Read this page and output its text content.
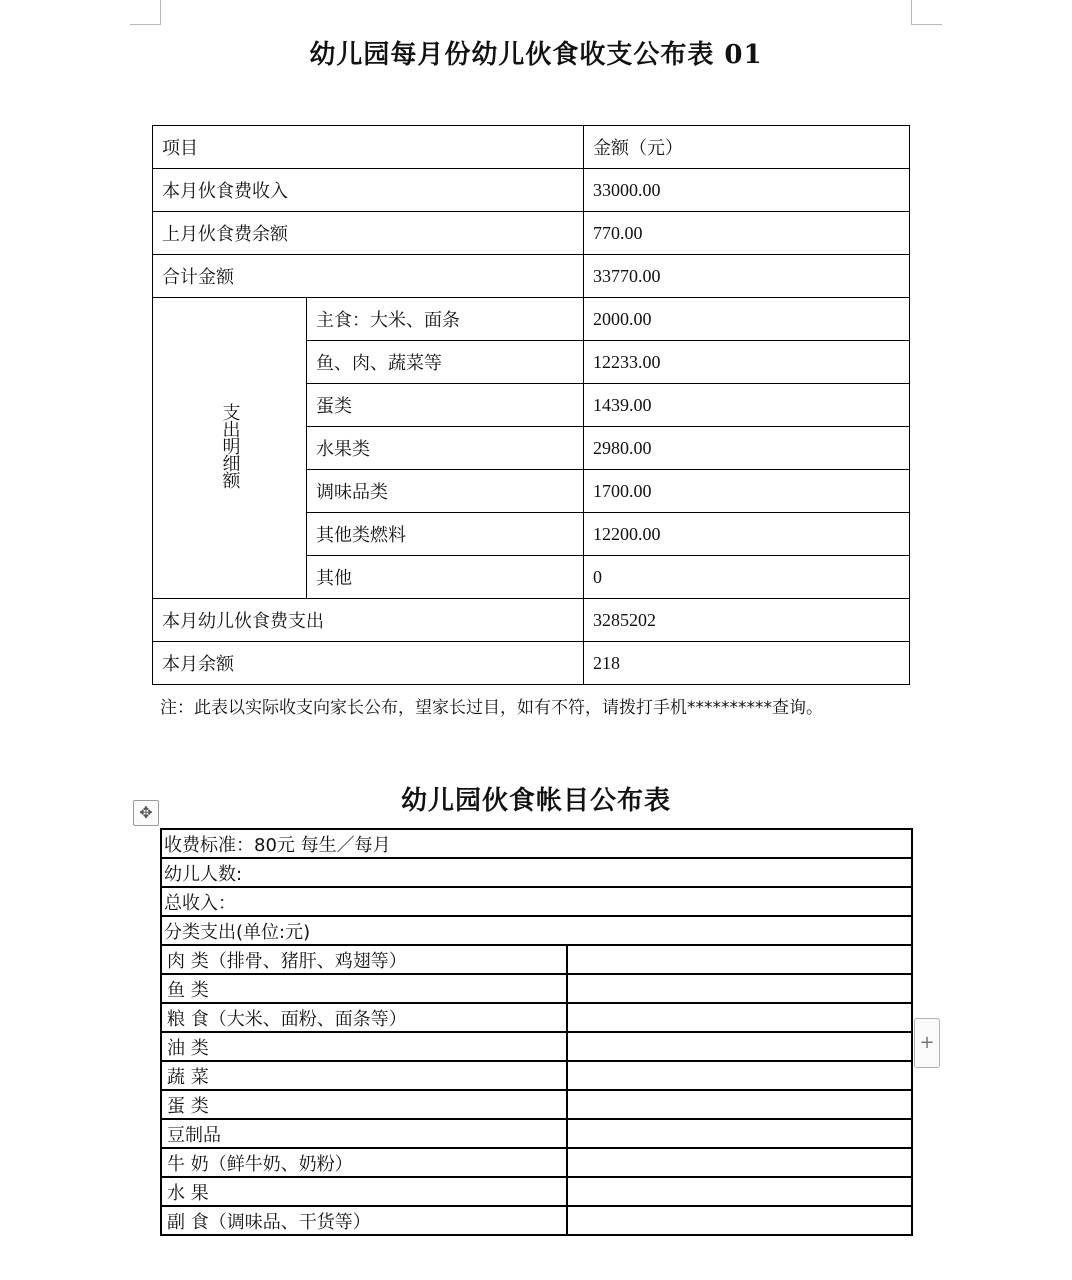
幼儿园每月份幼儿伙食收支公布表 01
项目		金额（元）
本月伙食费收入		33000.00
上月伙食费余额		770.00
合计金额		33770.00
支出明细额	主食：大米、面条	2000.00
	鱼、肉、蔬菜等	12233.00
	蛋类	1439.00
	水果类	2980.00
	调味品类	1700.00
	其他类燃料	12200.00
	其他	0
本月幼儿伙食费支出		3285202
本月余额		218
注：此表以实际收支向家长公布，望家长过目，如有不符，请拨打手机**********查询。
幼儿园伙食帐目公布表
✥
收费标准：80元 每生／每月	
幼儿人数:	
总收入：	
分类支出(单位:元)	
肉 类（排骨、猪肝、鸡翅等）	
鱼 类	
粮 食（大米、面粉、面条等）	
油 类	
蔬 菜	
蛋 类	
豆制品	
牛 奶（鲜牛奶、奶粉）	
水 果	
副 食（调味品、干货等）	
+
